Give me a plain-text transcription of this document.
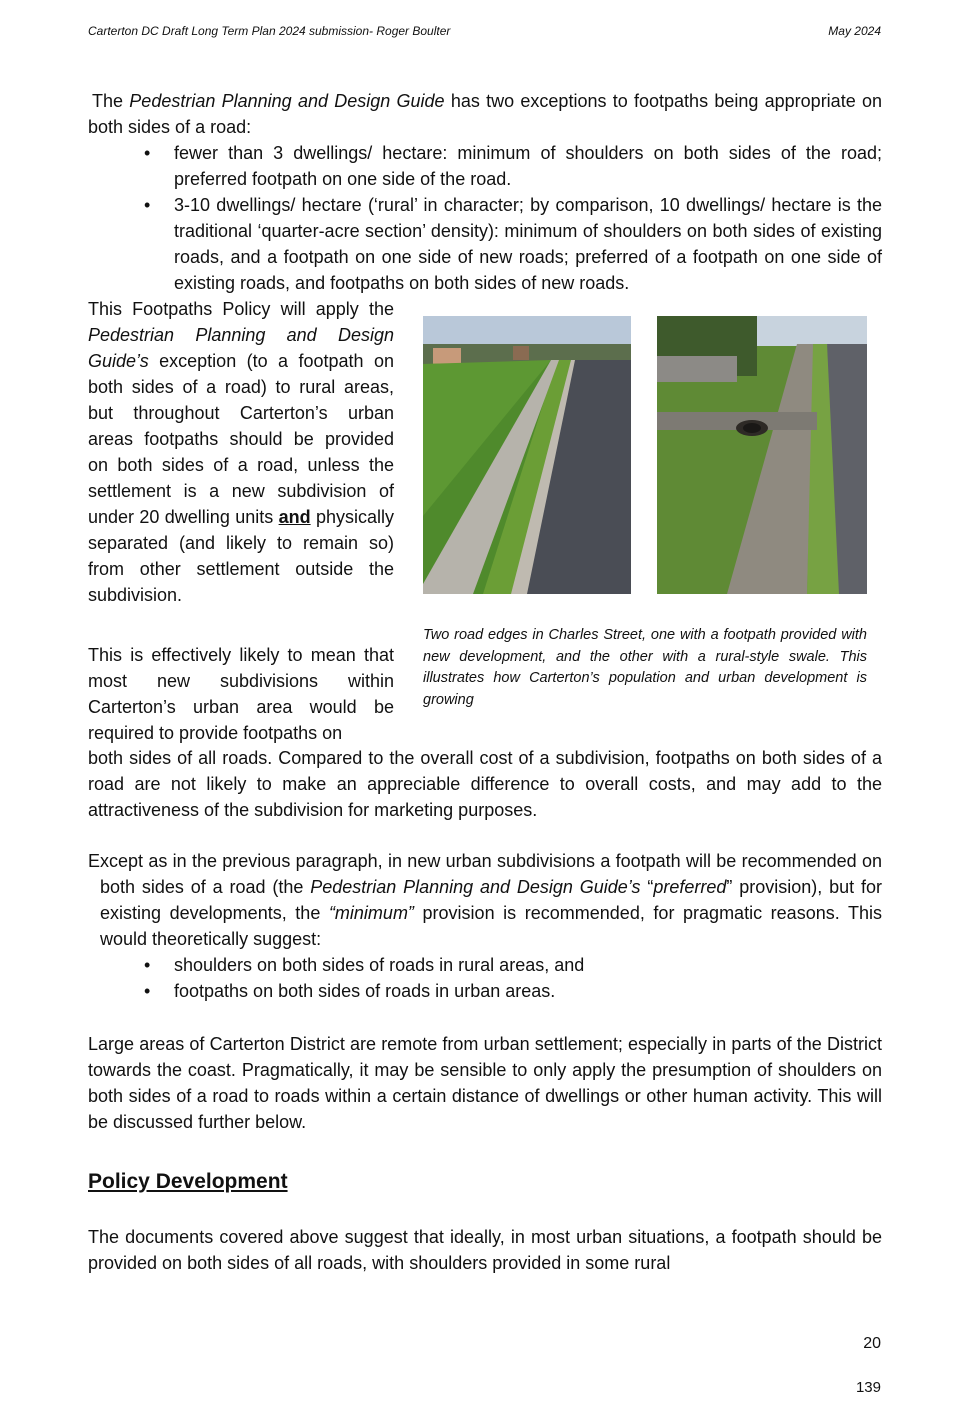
Carterton DC Draft Long Term Plan 2024 submission- Roger Boulter	May 2024
The Pedestrian Planning and Design Guide has two exceptions to footpaths being appropriate on both sides of a road:
• fewer than 3 dwellings/ hectare: minimum of shoulders on both sides of the road; preferred footpath on one side of the road.
• 3-10 dwellings/ hectare (‘rural’ in character; by comparison, 10 dwellings/ hectare is the traditional ‘quarter-acre section’ density): minimum of shoulders on both sides of existing roads, and a footpath on one side of new roads; preferred of a footpath on one side of existing roads, and footpaths on both sides of new roads.
This Footpaths Policy will apply the Pedestrian Planning and Design Guide’s exception (to a footpath on both sides of a road) to rural areas, but throughout Carterton’s urban areas footpaths should be provided on both sides of a road, unless the settlement is a new subdivision of under 20 dwelling units and physically separated (and likely to remain so) from other settlement outside the subdivision.
Two road edges in Charles Street, one with a footpath provided with new development, and the other with a rural-style swale. This illustrates how Carterton’s population and urban development is growing
This is effectively likely to mean that most new subdivisions within Carterton’s urban area would be required to provide footpaths on
both sides of all roads. Compared to the overall cost of a subdivision, footpaths on both sides of a road are not likely to make an appreciable difference to overall costs, and may add to the attractiveness of the subdivision for marketing purposes.
Except as in the previous paragraph, in new urban subdivisions a footpath will be recommended on both sides of a road (the Pedestrian Planning and Design Guide’s “preferred” provision), but for existing developments, the “minimum” provision is recommended, for pragmatic reasons. This would theoretically suggest:
• shoulders on both sides of roads in rural areas, and
• footpaths on both sides of roads in urban areas.
Large areas of Carterton District are remote from urban settlement; especially in parts of the District towards the coast. Pragmatically, it may be sensible to only apply the presumption of shoulders on both sides of a road to roads within a certain distance of dwellings or other human activity. This will be discussed further below.
Policy Development
The documents covered above suggest that ideally, in most urban situations, a footpath should be provided on both sides of all roads, with shoulders provided in some rural
20
139
